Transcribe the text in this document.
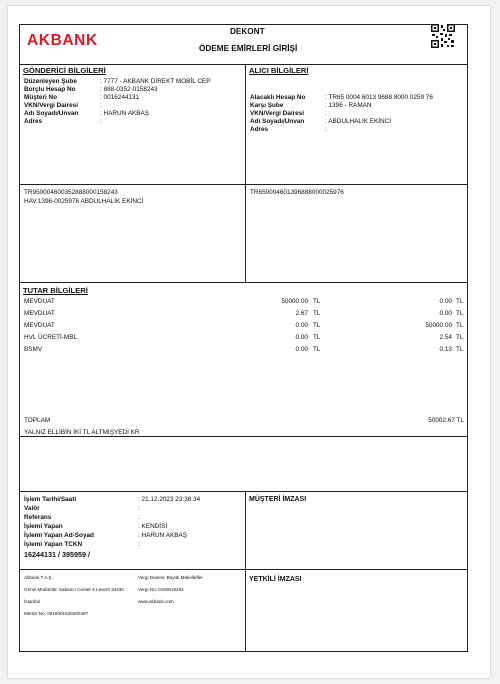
AKBANK
DEKONT
ÖDEME EMİRLERİ GİRİŞİ
GÖNDERİCİ BİLGİLERİ
Düzenleyen Şube	: 7777 - AKBANK DİREKT MOBİL CEP
Borçlu Hesap No	: 888-0352-0158243
Müşteri No	: 0016244131
VKN/Vergi Dairesi	:
Adı Soyadı/Unvan	: HARUN AKBAŞ
Adres	:
ALICI BİLGİLERİ
Alacaklı Hesap No	: TR65 0004 6013 9688 8000 0259 76
Karşı Şube	: 1396 - RAMAN
VKN/Vergi Dairesi	:
Adı Soyadı/Unvan	: ABDULHALİK EKİNCİ
Adres	:
TR950004600352888000158243
HAV.1396-0025976 ABDULHALİK EKİNCİ
TR650004601396888000025976
TUTAR BİLGİLERİ
MEVDUAT	50000.00 TL	0.00 TL
MEVDUAT	2.67 TL	0.00 TL
MEVDUAT	0.00 TL	50000.00 TL
HVL ÜCRETİ-MBL	0.00 TL	2.54 TL
BSMV	0.00 TL	0.13 TL
TOPLAM	50002.67 TL
YALNIZ ELLİBİN İKİ TL ALTMIŞYEDİ KR
İşlem Tarihi/Saati	: 21.12.2023 23:38:34
Valör	:
Referans	:
İşlemi Yapan	: KENDİSİ
İşlemi Yapan Ad-Soyad	: HARUN AKBAŞ
İşlemi Yapan TCKN	:
16244131 / 395959 /
MÜŞTERİ İMZASI
Akbank T.A.Ş.
Genel Müdürlük: Sabancı Center 4.Levent 34330
İstanbul
Mersis No: 0015001526400497
Vergi Dairesi: Büyük Mükellefler
Vergi No: 0150015264
www.akbank.com
YETKİLİ İMZASI
